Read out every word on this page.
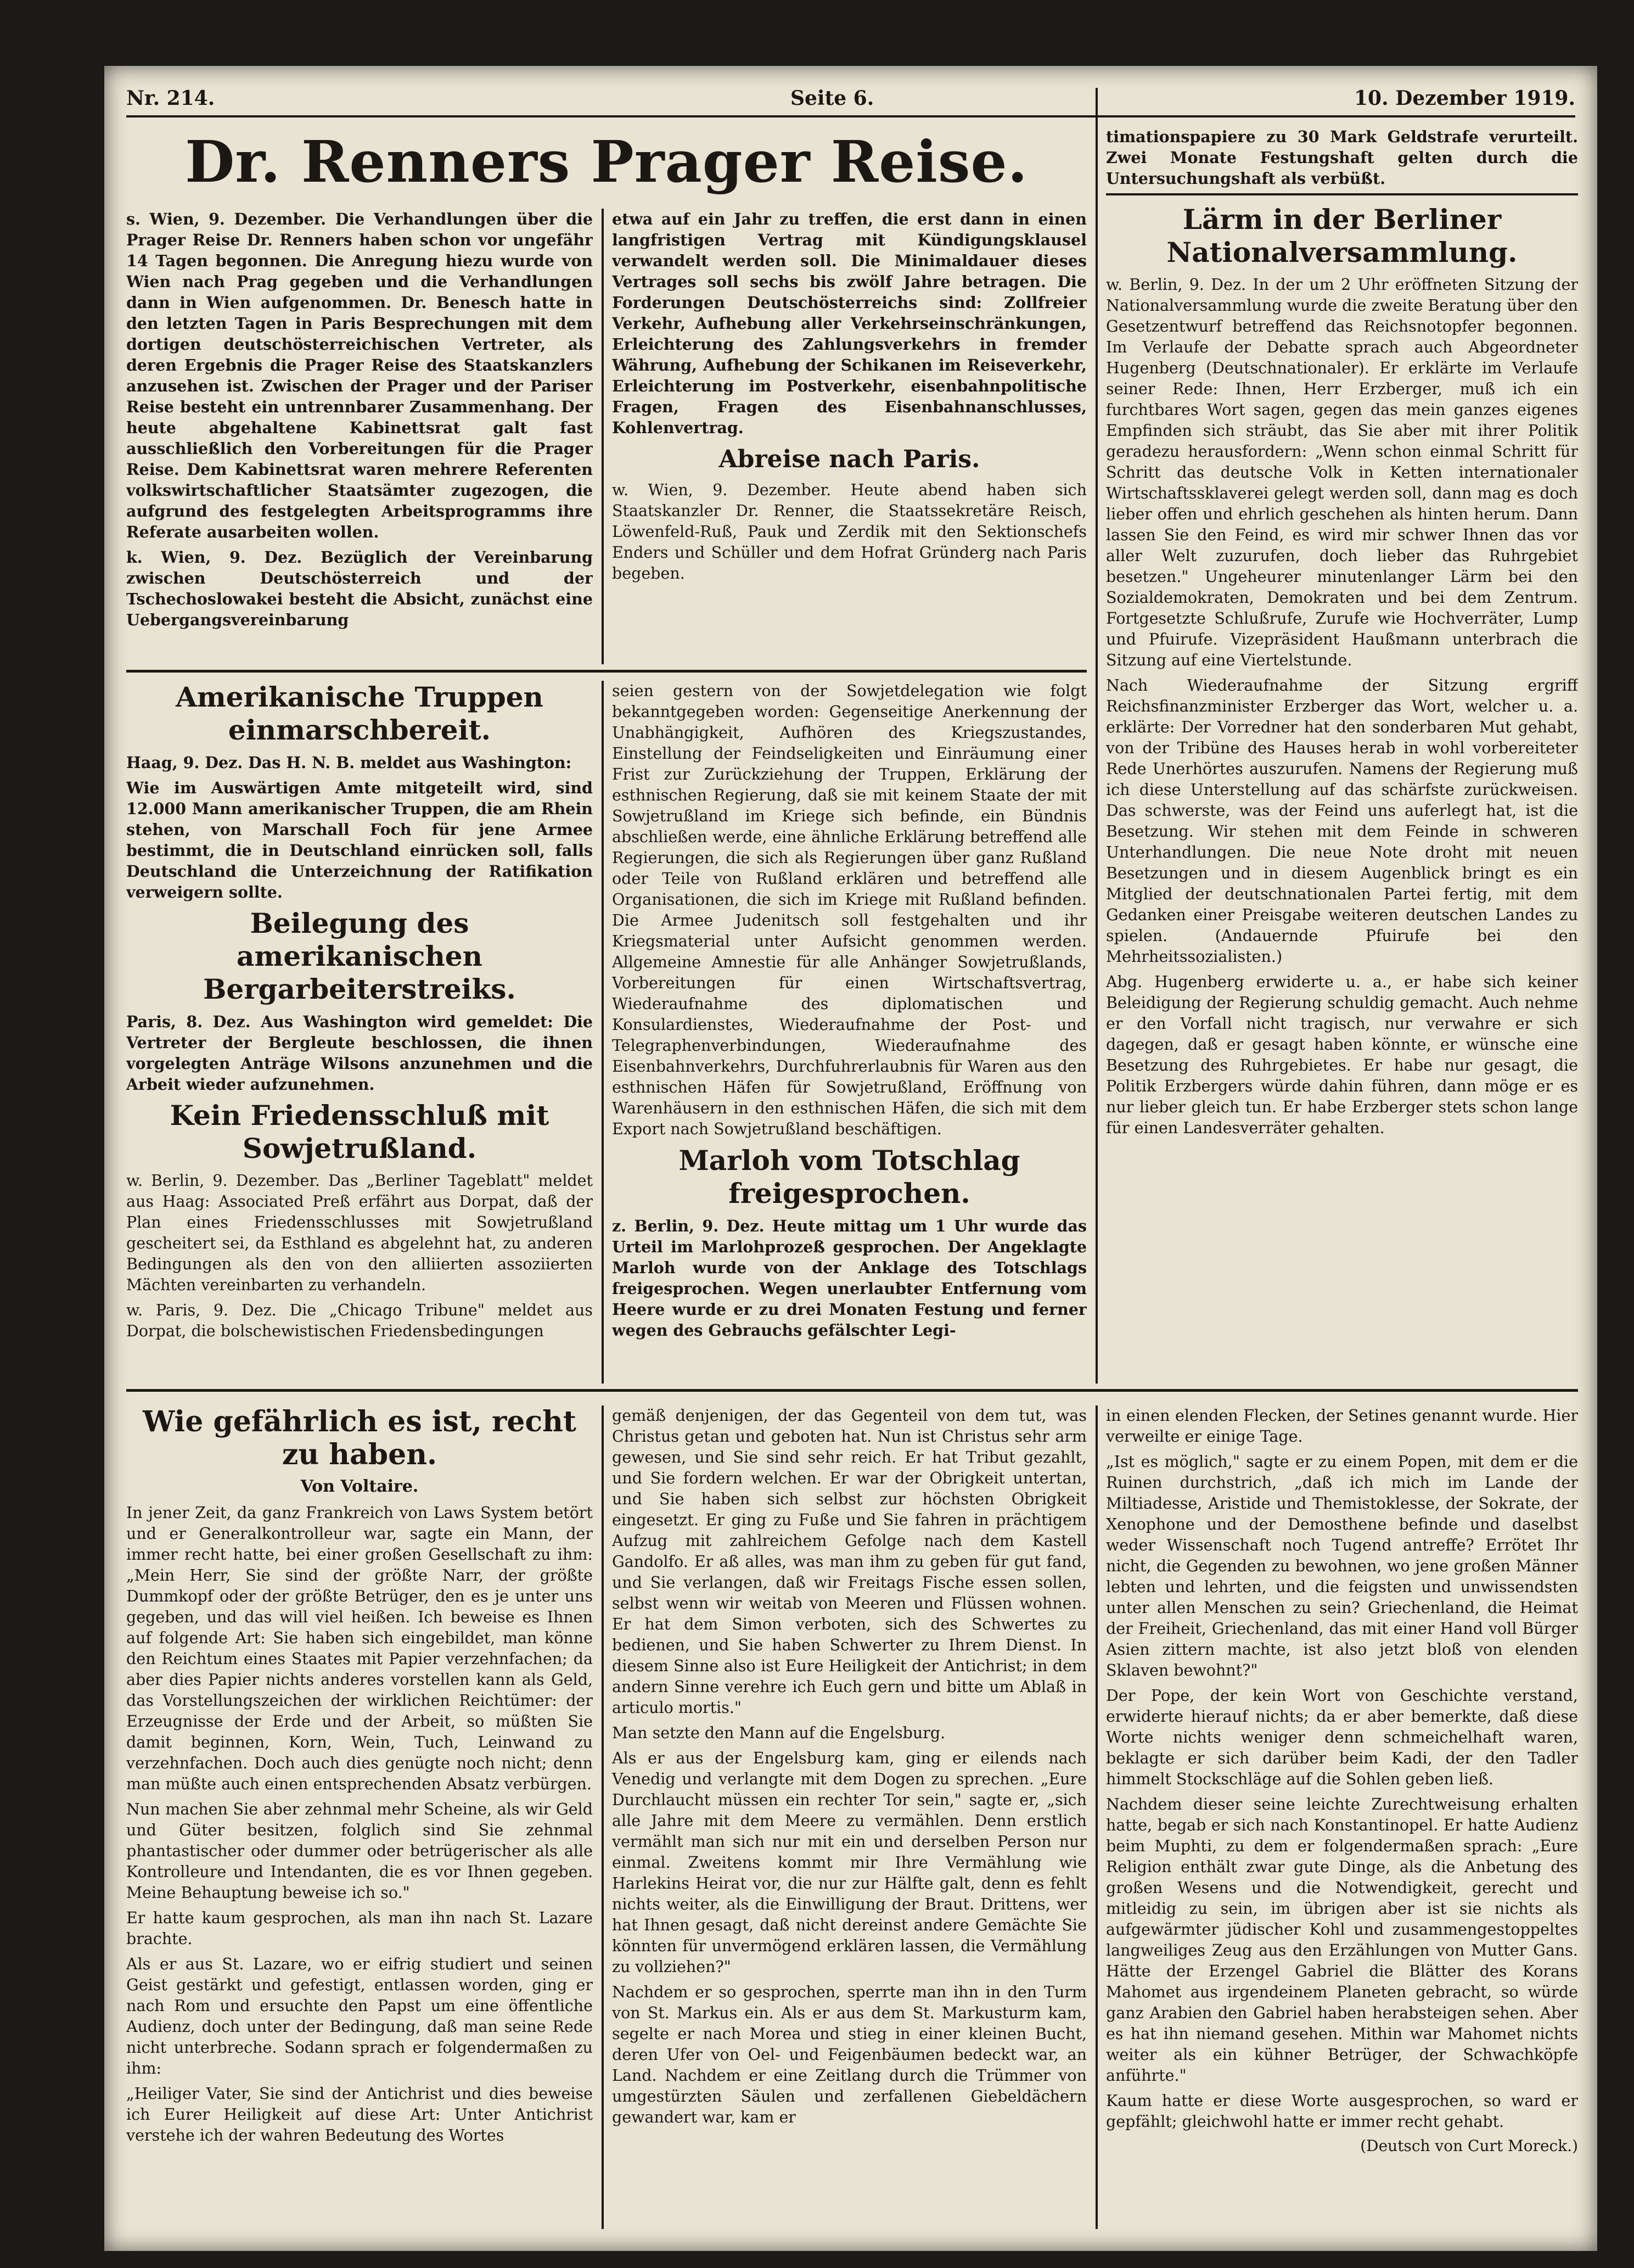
Nr. 214.	Seite 6.	10. Dezember 1919.
Dr. Renners Prager Reise.

s. Wien, 9. Dezember. Die Verhandlungen über die Prager Reise Dr. Renners haben schon vor ungefähr 14 Tagen begonnen. Die Anregung hiezu wurde von Wien nach Prag gegeben und die Verhandlungen dann in Wien aufgenommen. Dr. Benesch hatte in den letzten Tagen in Paris Besprechungen mit dem dortigen deutschösterreichischen Vertreter, als deren Ergebnis die Prager Reise des Staatskanzlers anzusehen ist. Zwischen der Prager und der Pariser Reise besteht ein untrennbarer Zusammenhang. Der heute abgehaltene Kabinettsrat galt fast ausschließlich den Vorbereitungen für die Prager Reise. Dem Kabinettsrat waren mehrere Referenten volkswirtschaftlicher Staatsämter zugezogen, die aufgrund des festgelegten Arbeitsprogramms ihre Referate ausarbeiten wollen.

k. Wien, 9. Dez. Bezüglich der Vereinbarung zwischen Deutschösterreich und der Tschechoslowakei besteht die Absicht, zunächst eine Uebergangsvereinbarung

etwa auf ein Jahr zu treffen, die erst dann in einen langfristigen Vertrag mit Kündigungsklausel verwandelt werden soll. Die Minimaldauer dieses Vertrages soll sechs bis zwölf Jahre betragen. Die Forderungen Deutschösterreichs sind: Zollfreier Verkehr, Aufhebung aller Verkehrseinschränkungen, Erleichterung des Zahlungsverkehrs in fremder Währung, Aufhebung der Schikanen im Reiseverkehr, Erleichterung im Postverkehr, eisenbahnpolitische Fragen, Fragen des Eisenbahnanschlusses, Kohlenvertrag.

Abreise nach Paris.

w. Wien, 9. Dezember. Heute abend haben sich Staatskanzler Dr. Renner, die Staatssekretäre Reisch, Löwenfeld-Ruß, Pauk und Zerdik mit den Sektionschefs Enders und Schüller und dem Hofrat Gründerg nach Paris begeben.

Amerikanische Truppen einmarschbereit.

Haag, 9. Dez. Das H. N. B. meldet aus Washington:

Wie im Auswärtigen Amte mitgeteilt wird, sind 12.000 Mann amerikanischer Truppen, die am Rhein stehen, von Marschall Foch für jene Armee bestimmt, die in Deutschland einrücken soll, falls Deutschland die Unterzeichnung der Ratifikation verweigern sollte.

Beilegung des amerikanischen Bergarbeiterstreiks.

Paris, 8. Dez. Aus Washington wird gemeldet: Die Vertreter der Bergleute beschlossen, die ihnen vorgelegten Anträge Wilsons anzunehmen und die Arbeit wieder aufzunehmen.

Kein Friedensschluß mit Sowjetrußland.

w. Berlin, 9. Dezember. Das „Berliner Tageblatt" meldet aus Haag: Associated Preß erfährt aus Dorpat, daß der Plan eines Friedensschlusses mit Sowjetrußland gescheitert sei, da Esthland es abgelehnt hat, zu anderen Bedingungen als den von den alliierten assoziierten Mächten vereinbarten zu verhandeln.

w. Paris, 9. Dez. Die „Chicago Tribune" meldet aus Dorpat, die bolschewistischen Friedensbedingungen

seien gestern von der Sowjetdelegation wie folgt bekanntgegeben worden: Gegenseitige Anerkennung der Unabhängigkeit, Aufhören des Kriegszustandes, Einstellung der Feindseligkeiten und Einräumung einer Frist zur Zurückziehung der Truppen, Erklärung der esthnischen Regierung, daß sie mit keinem Staate der mit Sowjetrußland im Kriege sich befinde, ein Bündnis abschließen werde, eine ähnliche Erklärung betreffend alle Regierungen, die sich als Regierungen über ganz Rußland oder Teile von Rußland erklären und betreffend alle Organisationen, die sich im Kriege mit Rußland befinden. Die Armee Judenitsch soll festgehalten und ihr Kriegsmaterial unter Aufsicht genommen werden. Allgemeine Amnestie für alle Anhänger Sowjetrußlands, Vorbereitungen für einen Wirtschaftsvertrag, Wiederaufnahme des diplomatischen und Konsulardienstes, Wiederaufnahme der Post- und Telegraphenverbindungen, Wiederaufnahme des Eisenbahnverkehrs, Durchfuhrerlaubnis für Waren aus den esthnischen Häfen für Sowjetrußland, Eröffnung von Warenhäusern in den esthnischen Häfen, die sich mit dem Export nach Sowjetrußland beschäftigen.

Marloh vom Totschlag freigesprochen.

z. Berlin, 9. Dez. Heute mittag um 1 Uhr wurde das Urteil im Marlohprozeß gesprochen. Der Angeklagte Marloh wurde von der Anklage des Totschlags freigesprochen. Wegen unerlaubter Entfernung vom Heere wurde er zu drei Monaten Festung und ferner wegen des Gebrauchs gefälschter Legi-

timationspapiere zu 30 Mark Geldstrafe verurteilt. Zwei Monate Festungshaft gelten durch die Untersuchungshaft als verbüßt.

Lärm in der Berliner Nationalversammlung.

w. Berlin, 9. Dez. In der um 2 Uhr eröffneten Sitzung der Nationalversammlung wurde die zweite Beratung über den Gesetzentwurf betreffend das Reichsnotopfer begonnen. Im Verlaufe der Debatte sprach auch Abgeordneter Hugenberg (Deutschnationaler). Er erklärte im Verlaufe seiner Rede: Ihnen, Herr Erzberger, muß ich ein furchtbares Wort sagen, gegen das mein ganzes eigenes Empfinden sich sträubt, das Sie aber mit ihrer Politik geradezu herausfordern: „Wenn schon einmal Schritt für Schritt das deutsche Volk in Ketten internationaler Wirtschaftssklaverei gelegt werden soll, dann mag es doch lieber offen und ehrlich geschehen als hinten herum. Dann lassen Sie den Feind, es wird mir schwer Ihnen das vor aller Welt zuzurufen, doch lieber das Ruhrgebiet besetzen." Ungeheurer minutenlanger Lärm bei den Sozialdemokraten, Demokraten und bei dem Zentrum. Fortgesetzte Schlußrufe, Zurufe wie Hochverräter, Lump und Pfuirufe. Vizepräsident Haußmann unterbrach die Sitzung auf eine Viertelstunde.

Nach Wiederaufnahme der Sitzung ergriff Reichsfinanzminister Erzberger das Wort, welcher u. a. erklärte: Der Vorredner hat den sonderbaren Mut gehabt, von der Tribüne des Hauses herab in wohl vorbereiteter Rede Unerhörtes auszurufen. Namens der Regierung muß ich diese Unterstellung auf das schärfste zurückweisen. Das schwerste, was der Feind uns auferlegt hat, ist die Besetzung. Wir stehen mit dem Feinde in schweren Unterhandlungen. Die neue Note droht mit neuen Besetzungen und in diesem Augenblick bringt es ein Mitglied der deutschnationalen Partei fertig, mit dem Gedanken einer Preisgabe weiteren deutschen Landes zu spielen. (Andauernde Pfuirufe bei den Mehrheitssozialisten.)

Abg. Hugenberg erwiderte u. a., er habe sich keiner Beleidigung der Regierung schuldig gemacht. Auch nehme er den Vorfall nicht tragisch, nur verwahre er sich dagegen, daß er gesagt haben könnte, er wünsche eine Besetzung des Ruhrgebietes. Er habe nur gesagt, die Politik Erzbergers würde dahin führen, dann möge er es nur lieber gleich tun. Er habe Erzberger stets schon lange für einen Landesverräter gehalten.

Wie gefährlich es ist, recht zu haben.

Von Voltaire.

In jener Zeit, da ganz Frankreich von Laws System betört und er Generalkontrolleur war, sagte ein Mann, der immer recht hatte, bei einer großen Gesellschaft zu ihm: „Mein Herr, Sie sind der größte Narr, der größte Dummkopf oder der größte Betrüger, den es je unter uns gegeben, und das will viel heißen. Ich beweise es Ihnen auf folgende Art: Sie haben sich eingebildet, man könne den Reichtum eines Staates mit Papier verzehnfachen; da aber dies Papier nichts anderes vorstellen kann als Geld, das Vorstellungszeichen der wirklichen Reichtümer: der Erzeugnisse der Erde und der Arbeit, so müßten Sie damit beginnen, Korn, Wein, Tuch, Leinwand zu verzehnfachen. Doch auch dies genügte noch nicht; denn man müßte auch einen entsprechenden Absatz verbürgen.

Nun machen Sie aber zehnmal mehr Scheine, als wir Geld und Güter besitzen, folglich sind Sie zehnmal phantastischer oder dummer oder betrügerischer als alle Kontrolleure und Intendanten, die es vor Ihnen gegeben. Meine Behauptung beweise ich so."

Er hatte kaum gesprochen, als man ihn nach St. Lazare brachte.

Als er aus St. Lazare, wo er eifrig studiert und seinen Geist gestärkt und gefestigt, entlassen worden, ging er nach Rom und ersuchte den Papst um eine öffentliche Audienz, doch unter der Bedingung, daß man seine Rede nicht unterbreche. Sodann sprach er folgendermaßen zu ihm:

„Heiliger Vater, Sie sind der Antichrist und dies beweise ich Eurer Heiligkeit auf diese Art: Unter Antichrist verstehe ich der wahren Bedeutung des Wortes

gemäß denjenigen, der das Gegenteil von dem tut, was Christus getan und geboten hat. Nun ist Christus sehr arm gewesen, und Sie sind sehr reich. Er hat Tribut gezahlt, und Sie fordern welchen. Er war der Obrigkeit untertan, und Sie haben sich selbst zur höchsten Obrigkeit eingesetzt. Er ging zu Fuße und Sie fahren in prächtigem Aufzug mit zahlreichem Gefolge nach dem Kastell Gandolfo. Er aß alles, was man ihm zu geben für gut fand, und Sie verlangen, daß wir Freitags Fische essen sollen, selbst wenn wir weitab von Meeren und Flüssen wohnen. Er hat dem Simon verboten, sich des Schwertes zu bedienen, und Sie haben Schwerter zu Ihrem Dienst. In diesem Sinne also ist Eure Heiligkeit der Antichrist; in dem andern Sinne verehre ich Euch gern und bitte um Ablaß in articulo mortis."

Man setzte den Mann auf die Engelsburg.

Als er aus der Engelsburg kam, ging er eilends nach Venedig und verlangte mit dem Dogen zu sprechen. „Eure Durchlaucht müssen ein rechter Tor sein," sagte er, „sich alle Jahre mit dem Meere zu vermählen. Denn erstlich vermählt man sich nur mit ein und derselben Person nur einmal. Zweitens kommt mir Ihre Vermählung wie Harlekins Heirat vor, die nur zur Hälfte galt, denn es fehlt nichts weiter, als die Einwilligung der Braut. Drittens, wer hat Ihnen gesagt, daß nicht dereinst andere Gemächte Sie könnten für unvermögend erklären lassen, die Vermählung zu vollziehen?"

Nachdem er so gesprochen, sperrte man ihn in den Turm von St. Markus ein. Als er aus dem St. Markusturm kam, segelte er nach Morea und stieg in einer kleinen Bucht, deren Ufer von Oel- und Feigenbäumen bedeckt war, an Land. Nachdem er eine Zeitlang durch die Trümmer von umgestürzten Säulen und zerfallenen Giebeldächern gewandert war, kam er

in einen elenden Flecken, der Setines genannt wurde. Hier verweilte er einige Tage.

„Ist es möglich," sagte er zu einem Popen, mit dem er die Ruinen durchstrich, „daß ich mich im Lande der Miltiadesse, Aristide und Themistoklesse, der Sokrate, der Xenophone und der Demosthene befinde und daselbst weder Wissenschaft noch Tugend antreffe? Errötet Ihr nicht, die Gegenden zu bewohnen, wo jene großen Männer lebten und lehrten, und die feigsten und unwissendsten unter allen Menschen zu sein? Griechenland, die Heimat der Freiheit, Griechenland, das mit einer Hand voll Bürger Asien zittern machte, ist also jetzt bloß von elenden Sklaven bewohnt?"

Der Pope, der kein Wort von Geschichte verstand, erwiderte hierauf nichts; da er aber bemerkte, daß diese Worte nichts weniger denn schmeichelhaft waren, beklagte er sich darüber beim Kadi, der den Tadler himmelt Stockschläge auf die Sohlen geben ließ.

Nachdem dieser seine leichte Zurechtweisung erhalten hatte, begab er sich nach Konstantinopel. Er hatte Audienz beim Muphti, zu dem er folgendermaßen sprach: „Eure Religion enthält zwar gute Dinge, als die Anbetung des großen Wesens und die Notwendigkeit, gerecht und mitleidig zu sein, im übrigen aber ist sie nichts als aufgewärmter jüdischer Kohl und zusammengestoppeltes langweiliges Zeug aus den Erzählungen von Mutter Gans. Hätte der Erzengel Gabriel die Blätter des Korans Mahomet aus irgendeinem Planeten gebracht, so würde ganz Arabien den Gabriel haben herabsteigen sehen. Aber es hat ihn niemand gesehen. Mithin war Mahomet nichts weiter als ein kühner Betrüger, der Schwachköpfe anführte."

Kaum hatte er diese Worte ausgesprochen, so ward er gepfählt; gleichwohl hatte er immer recht gehabt.

(Deutsch von Curt Moreck.)
